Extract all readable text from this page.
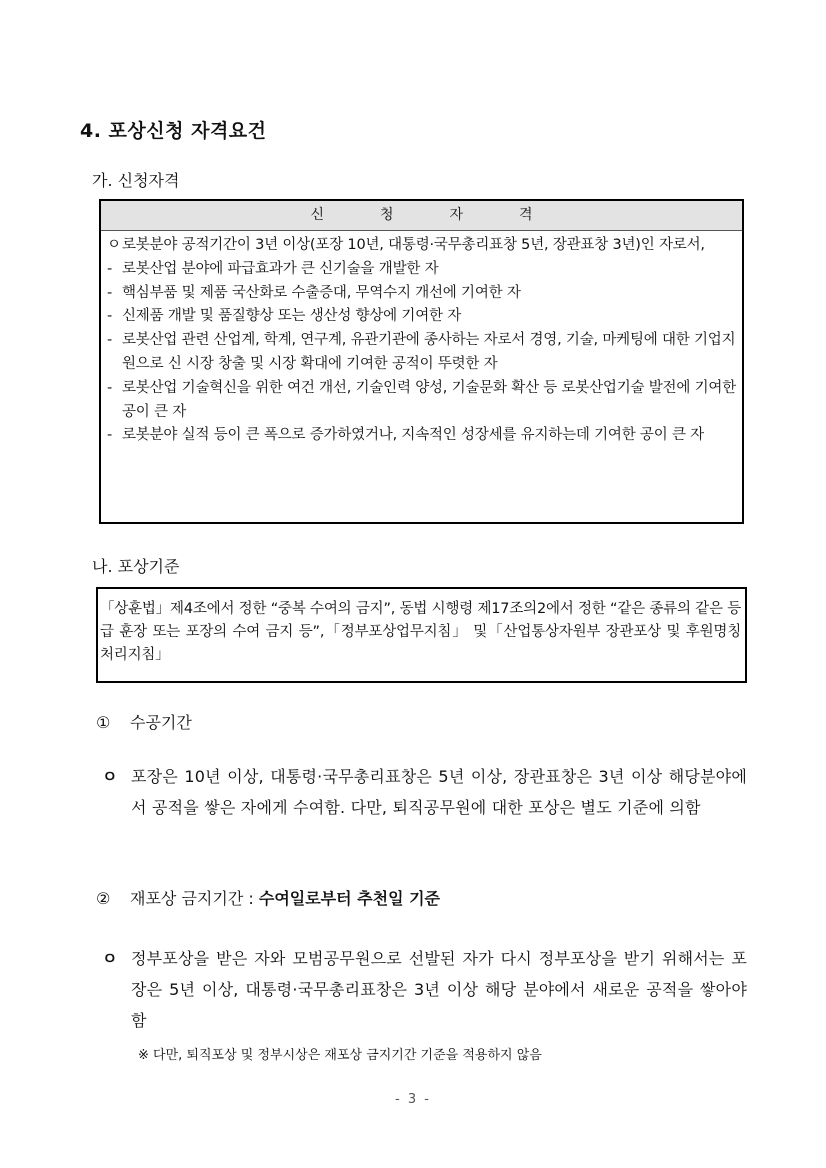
4. 포상신청 자격요건
가. 신청자격
신	청	자	격
ㅇ 로봇분야 공적기간이 3년 이상(포장 10년, 대통령·국무총리표창 5년, 장관표창 3년)인 자로서,
- 로봇산업 분야에 파급효과가 큰 신기술을 개발한 자
- 핵심부품 및 제품 국산화로 수출증대, 무역수지 개선에 기여한 자
- 신제품 개발 및 품질향상 또는 생산성 향상에 기여한 자
- 로봇산업 관련 산업계, 학계, 연구계, 유관기관에 종사하는 자로서 경영, 기술, 마케팅에 대한 기업지원으로 신 시장 창출 및 시장 확대에 기여한 공적이 뚜렷한 자
- 로봇산업 기술혁신을 위한 여건 개선, 기술인력 양성, 기술문화 확산 등 로봇산업기술 발전에 기여한 공이 큰 자
- 로봇분야 실적 등이 큰 폭으로 증가하였거나, 지속적인 성장세를 유지하는데 기여한 공이 큰 자
나. 포상기준

「상훈법」제4조에서 정한 “중복 수여의 금지”, 동법 시행령 제17조의2에서 정한 “같은 종류의 같은 등급 훈장 또는 포장의 수여 금지 등”,「정부포상업무지침」 및「산업통상자원부 장관포상 및 후원명칭 처리지침」

① 수공기간
ㅇ 포장은 10년 이상, 대통령·국무총리표창은 5년 이상, 장관표창은 3년 이상 해당분야에서 공적을 쌓은 자에게 수여함. 다만, 퇴직공무원에 대한 포상은 별도 기준에 의함
② 재포상 금지기간 : 수여일로부터 추천일 기준
ㅇ 정부포상을 받은 자와 모범공무원으로 선발된 자가 다시 정부포상을 받기 위해서는 포장은 5년 이상, 대통령·국무총리표창은 3년 이상 해당 분야에서 새로운 공적을 쌓아야 함
※ 다만, 퇴직포상 및 정부시상은 재포상 금지기간 기준을 적용하지 않음
- 3 -
